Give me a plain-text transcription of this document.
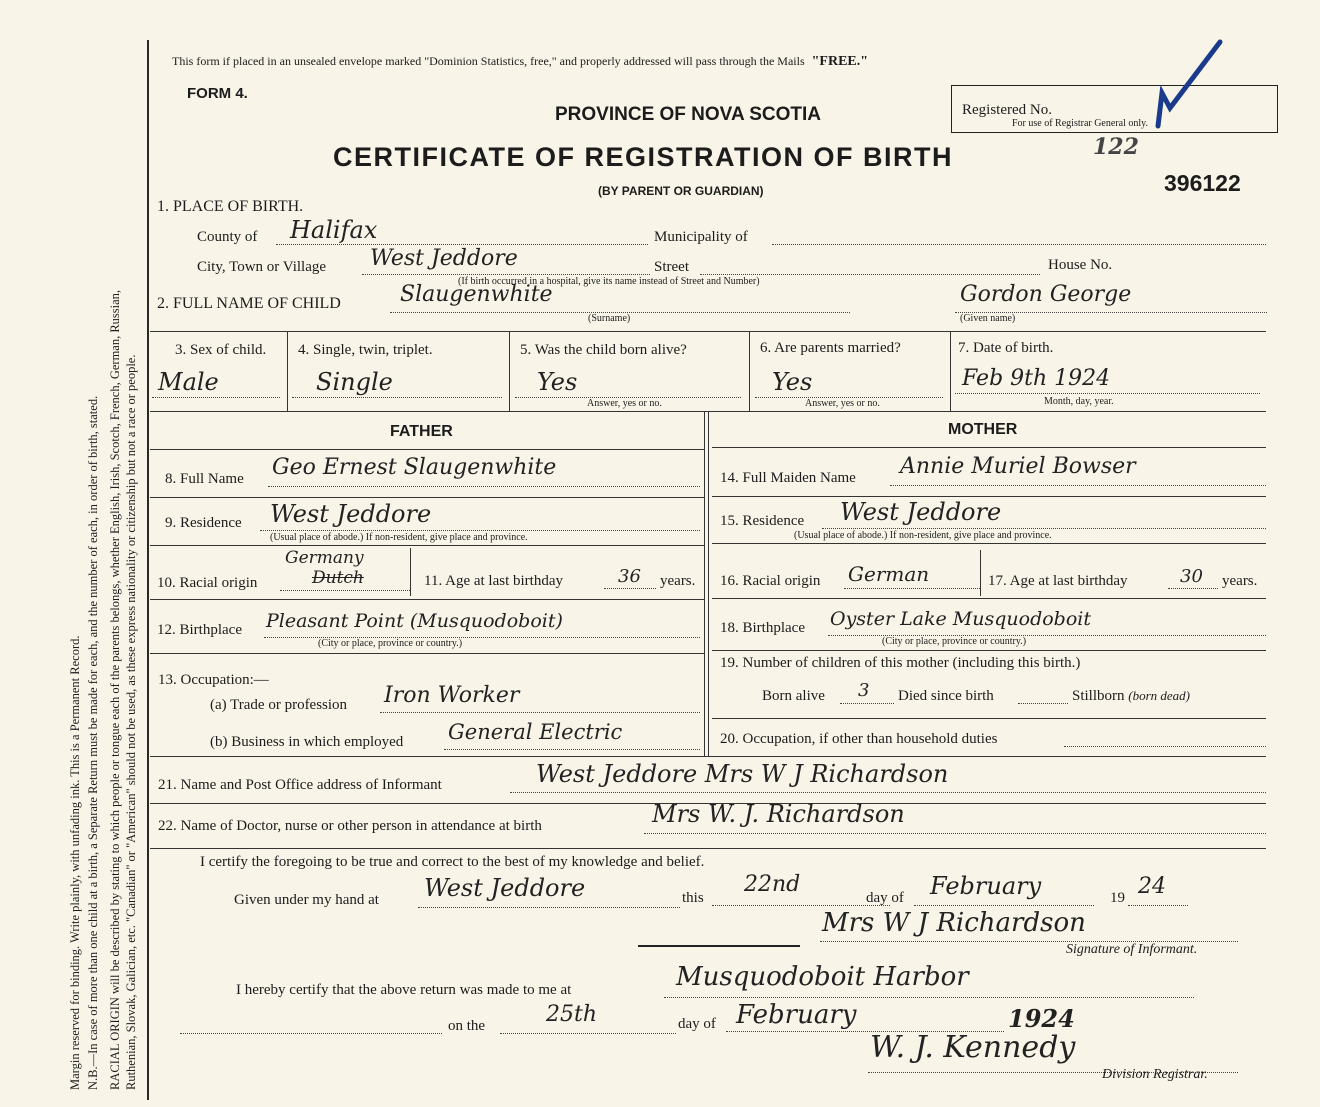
Margin reserved for binding. Write plainly, with unfading ink. This is a Permanent Record. N.B.—In case of more than one child at a birth, a Separate Return must be made for each, and the number of each, in order of birth, stated. RACIAL ORIGIN will be described by stating to which people or tongue each of the parents belongs, whether English, Irish, Scotch, French, German, Russian, Ruthenian, Slovak, Galician, etc. "Canadian" or "American" should not be used, as these express nationality or citizenship but not a race or people.
This form if placed in an unsealed envelope marked "Dominion Statistics, free," and properly addressed will pass through the Mails "FREE."
FORM 4.
PROVINCE OF NOVA SCOTIA
CERTIFICATE OF REGISTRATION OF BIRTH	122
(BY PARENT OR GUARDIAN)
Registered No.
For use of Registrar General only.
396122
1. PLACE OF BIRTH.
County of Halifax	Municipality of
City, Town or Village West Jeddore	Street	House No.
(If birth occurred in a hospital, give its name instead of Street and Number)
2. FULL NAME OF CHILD	Slaugenwhite
(Surname)
Gordon George
(Given name)
3. Sex of child.
Male
4. Single, twin, triplet.
Single
5. Was the child born alive?
Yes
Answer, yes or no.
6. Are parents married?
Yes
Answer, yes or no.
7. Date of birth.
Feb 9th 1924
Month, day, year.
FATHER
8. Full Name Geo Ernest Slaugenwhite
9. Residence West Jeddore
(Usual place of abode.) If non-resident, give place and province.
10. Racial origin
Germany
Dutch	11. Age at last birthday	36 years.
12. Birthplace Pleasant Point (Musquodoboit)
(City or place, province or country.)
13. Occupation:—
(a) Trade or profession Iron Worker
(b) Business in which employed General Electric
MOTHER
14. Full Maiden Name Annie Muriel Bowser
15. Residence West Jeddore
(Usual place of abode.) If non-resident, give place and province.
16. Racial origin German	17. Age at last birthday	30 years.
18. Birthplace Oyster Lake Musquodoboit
(City or place, province or country.)
19. Number of children of this mother (including this birth.)
Born alive 3 Died since birth	Stillborn (born dead)
20. Occupation, if other than household duties
21. Name and Post Office address of Informant	West Jeddore Mrs W J Richardson
22. Name of Doctor, nurse or other person in attendance at birth	Mrs W. J. Richardson
I certify the foregoing to be true and correct to the best of my knowledge and belief.
Given under my hand at West Jeddore	this
22nd
day of February	19 24
Mrs W J Richardson
Signature of Informant.
I hereby certify that the above return was made to me at	Musquodoboit Harbor
on the	25th	day of February	1924
W. J. Kennedy
Division Registrar.
